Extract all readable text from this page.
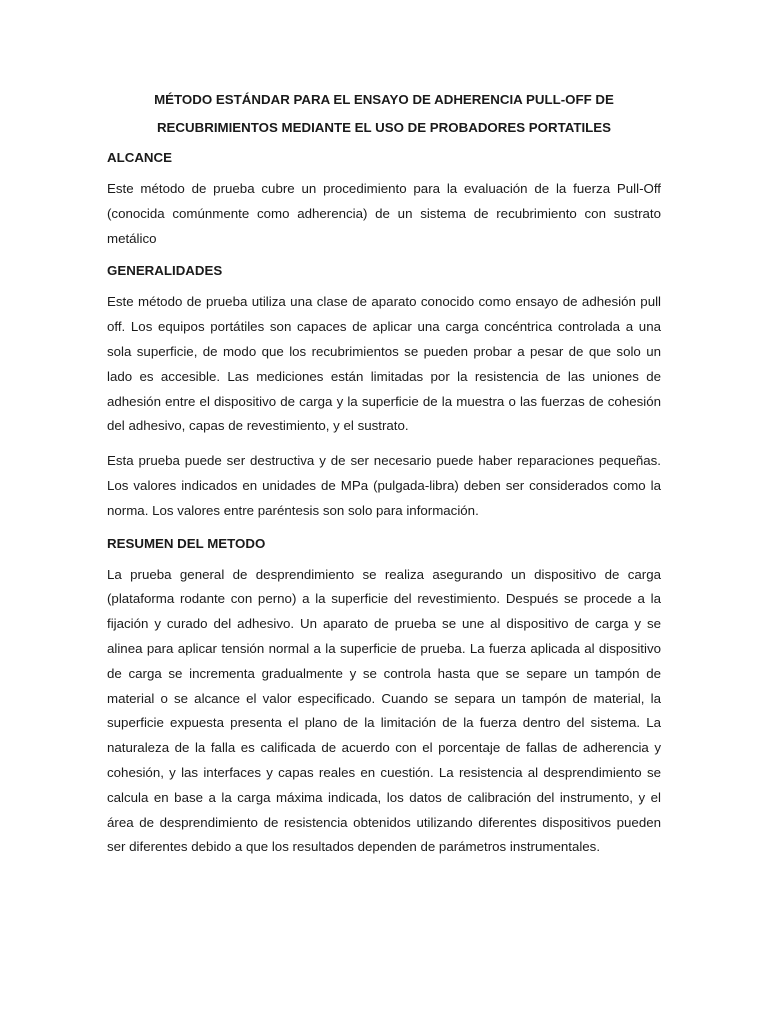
MÉTODO ESTÁNDAR PARA EL ENSAYO DE ADHERENCIA PULL-OFF DE
RECUBRIMIENTOS MEDIANTE EL USO DE PROBADORES PORTATILES
ALCANCE

Este método de prueba cubre un procedimiento para la evaluación de la fuerza Pull-Off (conocida comúnmente como adherencia) de un sistema de recubrimiento con sustrato metálico

GENERALIDADES

Este método de prueba utiliza una clase de aparato conocido como ensayo de adhesión pull off. Los equipos portátiles son capaces de aplicar una carga concéntrica controlada a una sola superficie, de modo que los recubrimientos se pueden probar a pesar de que solo un lado es accesible. Las mediciones están limitadas por la resistencia de las uniones de adhesión entre el dispositivo de carga y la superficie de la muestra o las fuerzas de cohesión del adhesivo, capas de revestimiento, y el sustrato.

Esta prueba puede ser destructiva y de ser necesario puede haber reparaciones pequeñas. Los valores indicados en unidades de MPa (pulgada-libra) deben ser considerados como la norma. Los valores entre paréntesis son solo para información.

RESUMEN DEL METODO

La prueba general de desprendimiento se realiza asegurando un dispositivo de carga (plataforma rodante con perno) a la superficie del revestimiento. Después se procede a la fijación y curado del adhesivo. Un aparato de prueba se une al dispositivo de carga y se alinea para aplicar tensión normal a la superficie de prueba. La fuerza aplicada al dispositivo de carga se incrementa gradualmente y se controla hasta que se separe un tampón de material o se alcance el valor especificado. Cuando se separa un tampón de material, la superficie expuesta presenta el plano de la limitación de la fuerza dentro del sistema. La naturaleza de la falla es calificada de acuerdo con el porcentaje de fallas de adherencia y cohesión, y las interfaces y capas reales en cuestión. La resistencia al desprendimiento se calcula en base a la carga máxima indicada, los datos de calibración del instrumento, y el área de desprendimiento de resistencia obtenidos utilizando diferentes dispositivos pueden ser diferentes debido a que los resultados dependen de parámetros instrumentales.
